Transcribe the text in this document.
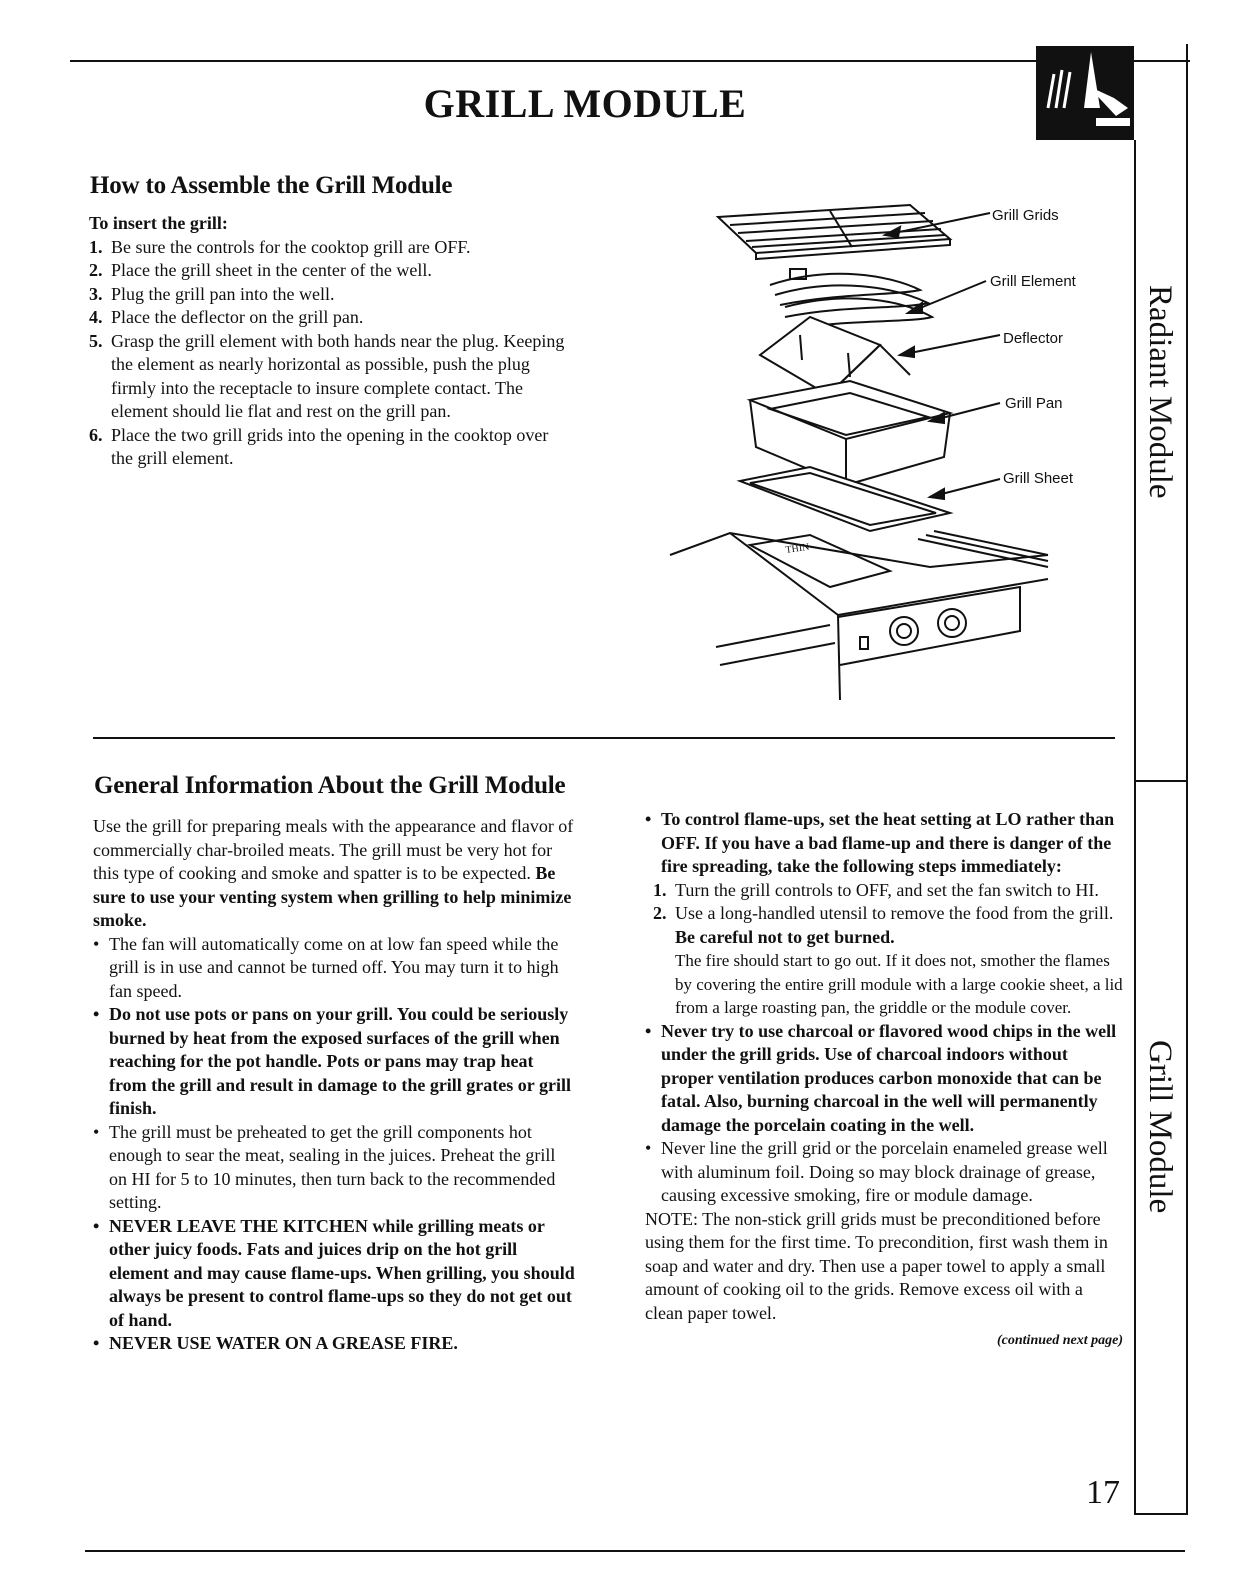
Radiant Module
Grill Module
GRILL MODULE
How to Assemble the Grill Module
To insert the grill:
1. Be sure the controls for the cooktop grill are OFF.
2. Place the grill sheet in the center of the well.
3. Plug the grill pan into the well.
4. Place the deflector on the grill pan.
5. Grasp the grill element with both hands near the plug. Keeping the element as nearly horizontal as possible, push the plug firmly into the receptacle to insure complete contact. The element should lie flat and rest on the grill pan.
6. Place the two grill grids into the opening in the cooktop over the grill element.
THIN
Grill Grids
Grill Element
Deflector
Grill Pan
Grill Sheet
General Information About the Grill Module
Use the grill for preparing meals with the appearance and flavor of commercially char-broiled meats. The grill must be very hot for this type of cooking and smoke and spatter is to be expected. Be sure to use your venting system when grilling to help minimize smoke.
• The fan will automatically come on at low fan speed while the grill is in use and cannot be turned off. You may turn it to high fan speed.
• Do not use pots or pans on your grill. You could be seriously burned by heat from the exposed surfaces of the grill when reaching for the pot handle. Pots or pans may trap heat from the grill and result in damage to the grill grates or grill finish.
• The grill must be preheated to get the grill components hot enough to sear the meat, sealing in the juices. Preheat the grill on HI for 5 to 10 minutes, then turn back to the recommended setting.
• NEVER LEAVE THE KITCHEN while grilling meats or other juicy foods. Fats and juices drip on the hot grill element and may cause flame-ups. When grilling, you should always be present to control flame-ups so they do not get out of hand.
• NEVER USE WATER ON A GREASE FIRE.
• To control flame-ups, set the heat setting at LO rather than OFF. If you have a bad flame-up and there is danger of the fire spreading, take the following steps immediately:
1. Turn the grill controls to OFF, and set the fan switch to HI.
2. Use a long-handled utensil to remove the food from the grill. Be careful not to get burned.
The fire should start to go out. If it does not, smother the flames by covering the entire grill module with a large cookie sheet, a lid from a large roasting pan, the griddle or the module cover.
• Never try to use charcoal or flavored wood chips in the well under the grill grids. Use of charcoal indoors without proper ventilation produces carbon monoxide that can be fatal. Also, burning charcoal in the well will permanently damage the porcelain coating in the well.
• Never line the grill grid or the porcelain enameled grease well with aluminum foil. Doing so may block drainage of grease, causing excessive smoking, fire or module damage.
NOTE: The non-stick grill grids must be preconditioned before using them for the first time. To precondition, first wash them in soap and water and dry. Then use a paper towel to apply a small amount of cooking oil to the grids. Remove excess oil with a clean paper towel.
(continued next page)
17
